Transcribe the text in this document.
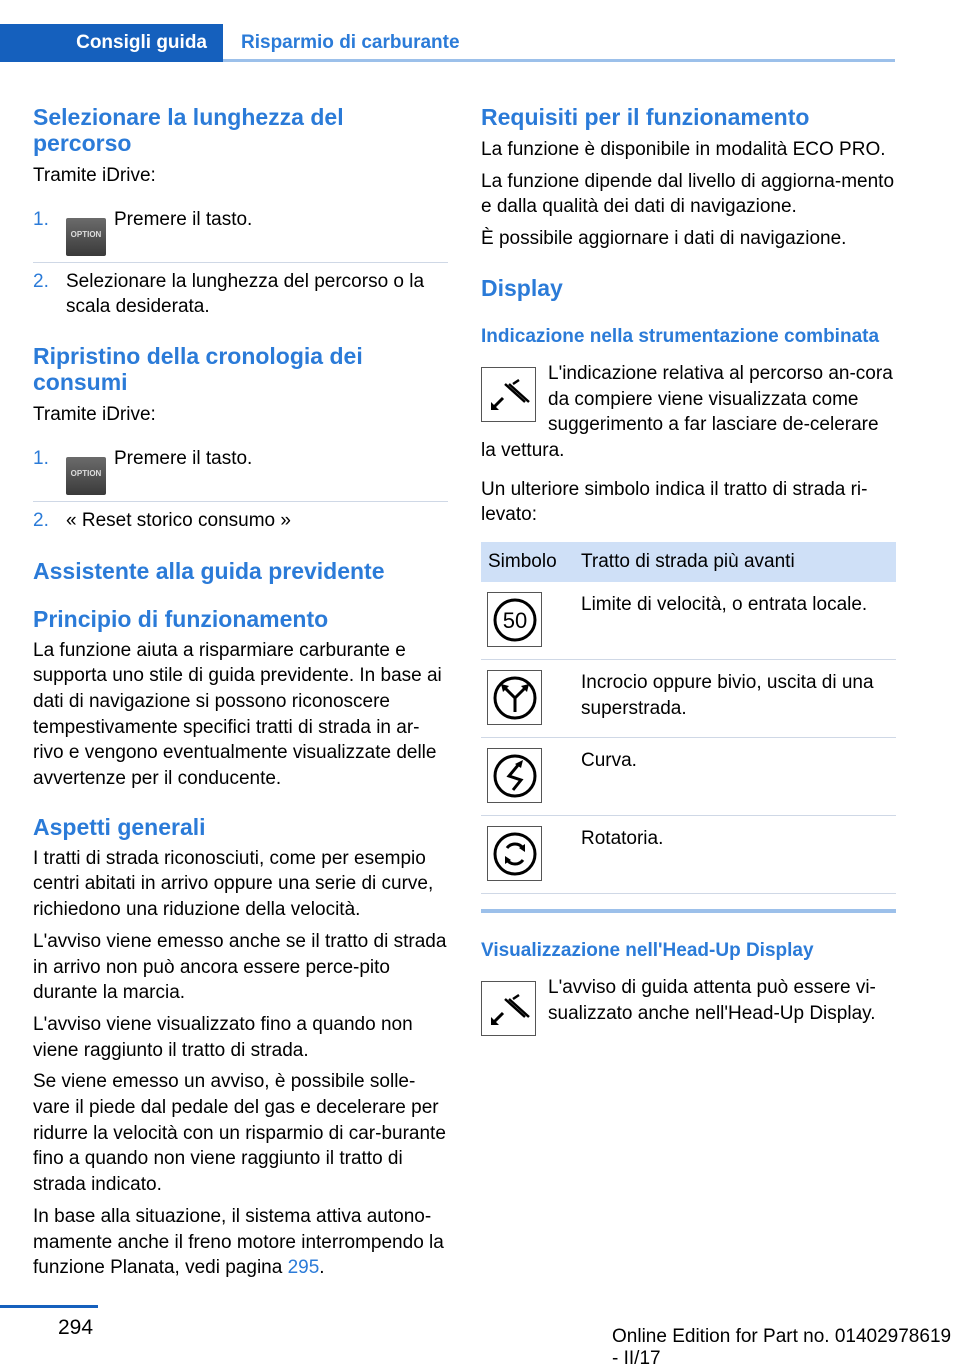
Consigli guida	Risparmio di carburante
Selezionare la lunghezza del percorso

Tramite iDrive:

1.
OPTIONPremere il tasto.
2. Selezionare la lunghezza del percorso o la scala desiderata.
Ripristino della cronologia dei consumi

Tramite iDrive:

1.
OPTIONPremere il tasto.
2. « Reset storico consumo »
Assistente alla guida previdente
Principio di funzionamento

La funzione aiuta a risparmiare carburante e supporta uno stile di guida previdente. In base ai dati di navigazione si possono riconoscere tempestivamente specifici tratti di strada in ar‐rivo e vengono eventualmente visualizzate delle avvertenze per il conducente.

Aspetti generali

I tratti di strada riconosciuti, come per esempio centri abitati in arrivo oppure una serie di curve, richiedono una riduzione della velocità.

L'avviso viene emesso anche se il tratto di strada in arrivo non può ancora essere perce‐pito durante la marcia.

L'avviso viene visualizzato fino a quando non viene raggiunto il tratto di strada.

Se viene emesso un avviso, è possibile solle‐vare il piede dal pedale del gas e decelerare per ridurre la velocità con un risparmio di car‐burante fino a quando non viene raggiunto il tratto di strada indicato.

In base alla situazione, il sistema attiva autono‐mamente anche il freno motore interrompendo la funzione Planata, vedi pagina 295.

Requisiti per il funzionamento

La funzione è disponibile in modalità ECO PRO.

La funzione dipende dal livello di aggiorna‐mento e dalla qualità dei dati di navigazione.

È possibile aggiornare i dati di navigazione.

Display
Indicazione nella strumentazione combinata

L'indicazione relativa al percorso an‐cora da compiere viene visualizzata come suggerimento a far lasciare de‐celerare la vettura.

Un ulteriore simbolo indica il tratto di strada ri‐levato:

Simbolo	Tratto di strada più avanti

50	Limite di velocità, o entrata locale.

	Incrocio oppure bivio, uscita di una superstrada.

	Curva.

	Rotatoria.
Visualizzazione nell'Head-Up Display

L'avviso di guida attenta può essere vi‐sualizzato anche nell'Head-Up Display.

294	Online Edition for Part no. 01402978619 - II/17
